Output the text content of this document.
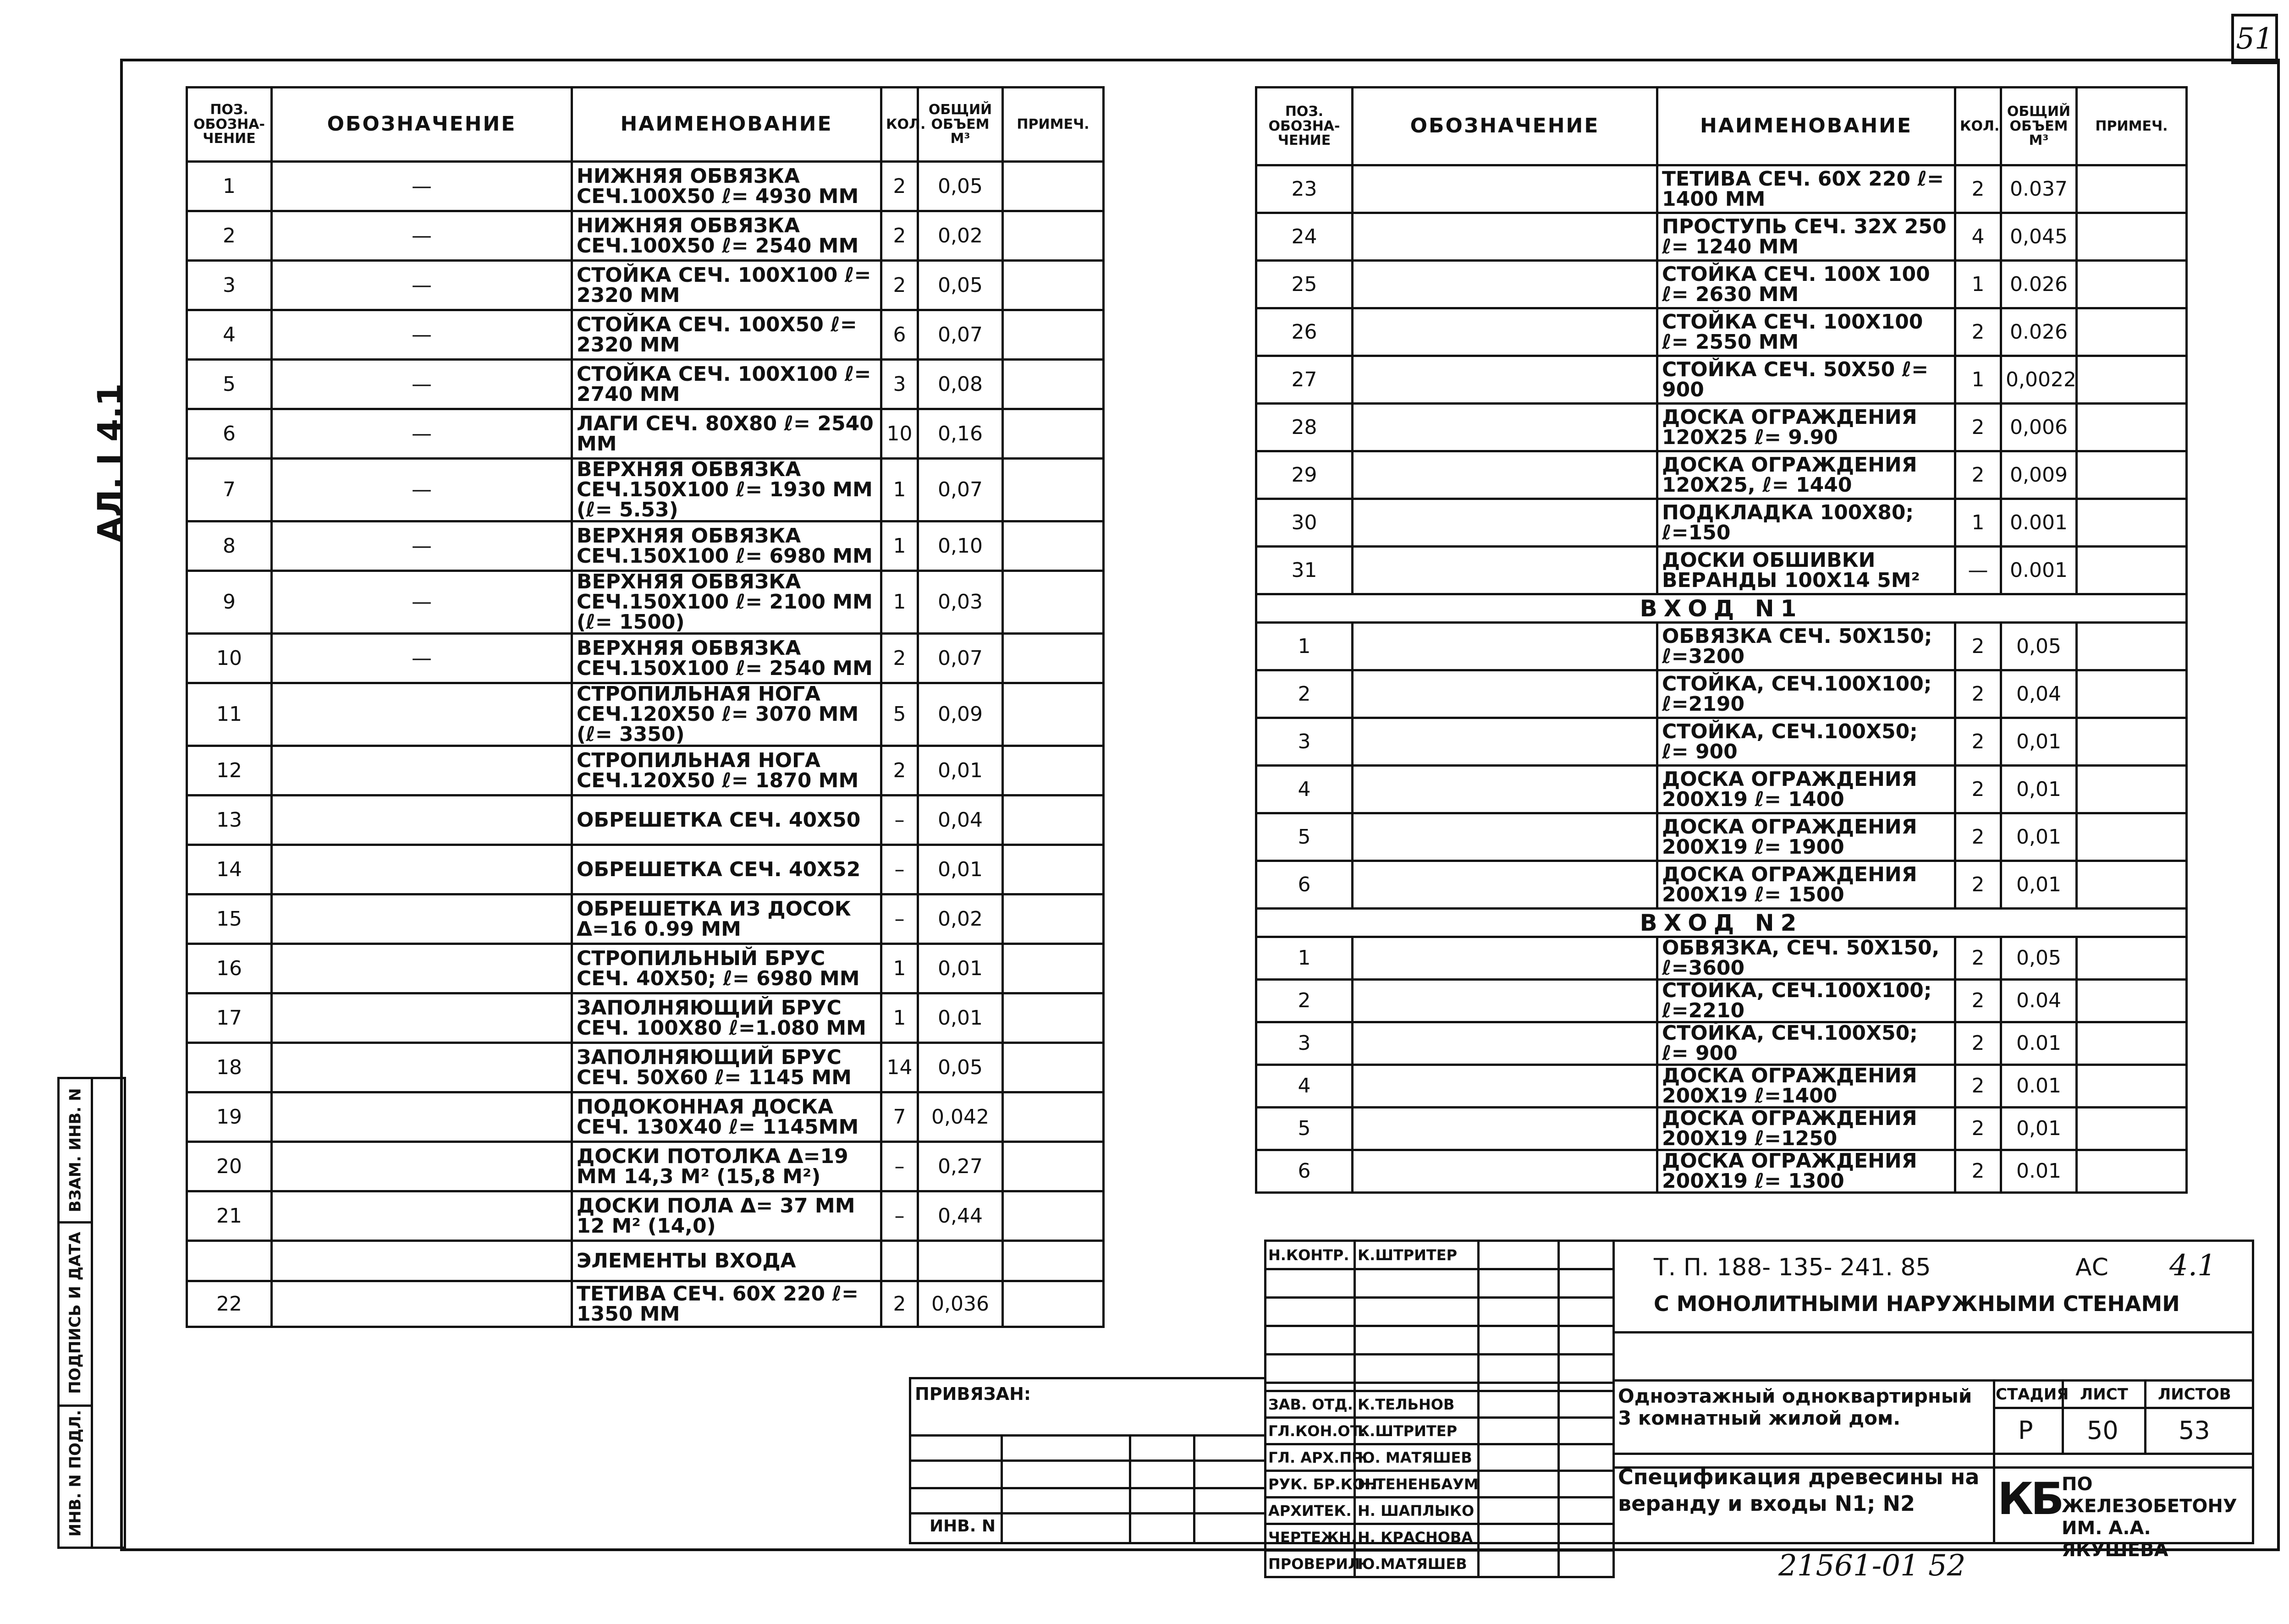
51
АЛ. I 4.1
ВЗАМ. ИНВ. N
ПОДПИСЬ И ДАТА
ИНВ. N ПОДЛ.
ПОЗ. ОБОЗНА- ЧЕНИЕ	ОБОЗНАЧЕНИЕ	НАИМЕНОВАНИЕ	КОЛ.	ОБЩИЙ ОБЪЕМ М³	ПРИМЕЧ.
1	—	НИЖНЯЯ ОБВЯЗКА СЕЧ.100X50 ℓ= 4930 ММ	2	0,05	
2	—	НИЖНЯЯ ОБВЯЗКА СЕЧ.100X50 ℓ= 2540 ММ	2	0,02	
3	—	СТОЙКА СЕЧ. 100X100 ℓ= 2320 ММ	2	0,05	
4	—	СТОЙКА СЕЧ. 100X50 ℓ= 2320 ММ	6	0,07	
5	—	СТОЙКА СЕЧ. 100X100 ℓ= 2740 ММ	3	0,08	
6	—	ЛАГИ СЕЧ. 80X80 ℓ= 2540 ММ	10	0,16	
7	—	ВЕРХНЯЯ ОБВЯЗКА СЕЧ.150X100 ℓ= 1930 ММ (ℓ= 5.53)	1	0,07	
8	—	ВЕРХНЯЯ ОБВЯЗКА СЕЧ.150X100 ℓ= 6980 ММ	1	0,10	
9	—	ВЕРХНЯЯ ОБВЯЗКА СЕЧ.150X100 ℓ= 2100 ММ (ℓ= 1500)	1	0,03	
10	—	ВЕРХНЯЯ ОБВЯЗКА СЕЧ.150X100 ℓ= 2540 ММ	2	0,07	
11		СТРОПИЛЬНАЯ НОГА СЕЧ.120X50 ℓ= 3070 ММ (ℓ= 3350)	5	0,09	
12		СТРОПИЛЬНАЯ НОГА СЕЧ.120X50 ℓ= 1870 ММ	2	0,01	
13		ОБРЕШЕТКА СЕЧ. 40X50	–	0,04	
14		ОБРЕШЕТКА СЕЧ. 40X52	–	0,01	
15		ОБРЕШЕТКА ИЗ ДОСОК Δ=16 0.99 ММ	–	0,02	
16		СТРОПИЛЬНЫЙ БРУС СЕЧ. 40X50; ℓ= 6980 ММ	1	0,01	
17		ЗАПОЛНЯЮЩИЙ БРУС СЕЧ. 100X80 ℓ=1.080 ММ	1	0,01	
18		ЗАПОЛНЯЮЩИЙ БРУС СЕЧ. 50X60 ℓ= 1145 ММ	14	0,05	
19		ПОДОКОННАЯ ДОСКА СЕЧ. 130X40 ℓ= 1145ММ	7	0,042	
20		ДОСКИ ПОТОЛКА Δ=19 ММ 14,3 М² (15,8 М²)	–	0,27	
21		ДОСКИ ПОЛА Δ= 37 ММ 12 М² (14,0)	–	0,44	
		ЭЛЕМЕНТЫ ВХОДА			
22		ТЕТИВА СЕЧ. 60X 220 ℓ= 1350 ММ	2	0,036	
ПОЗ. ОБОЗНА- ЧЕНИЕ	ОБОЗНАЧЕНИЕ	НАИМЕНОВАНИЕ	КОЛ.	ОБЩИЙ ОБЪЕМ М³	ПРИМЕЧ.
23		ТЕТИВА СЕЧ. 60X 220 ℓ= 1400 ММ	2	0.037	
24		ПРОСТУПЬ СЕЧ. 32X 250 ℓ= 1240 ММ	4	0,045	
25		СТОЙКА СЕЧ. 100X 100 ℓ= 2630 ММ	1	0.026	
26		СТОЙКА СЕЧ. 100X100 ℓ= 2550 ММ	2	0.026	
27		СТОЙКА СЕЧ. 50X50 ℓ= 900	1	0,0022	
28		ДОСКА ОГРАЖДЕНИЯ 120X25 ℓ= 9.90	2	0,006	
29		ДОСКА ОГРАЖДЕНИЯ 120X25, ℓ= 1440	2	0,009	
30		ПОДКЛАДКА 100X80; ℓ=150	1	0.001	
31		ДОСКИ ОБШИВКИ ВЕРАНДЫ 100X14 5М²	—	0.001	
ВХОД N1					
1		ОБВЯЗКА СЕЧ. 50X150; ℓ=3200	2	0,05	
2		СТОЙКА, СЕЧ.100X100; ℓ=2190	2	0,04	
3		СТОЙКА, СЕЧ.100X50; ℓ= 900	2	0,01	
4		ДОСКА ОГРАЖДЕНИЯ 200X19 ℓ= 1400	2	0,01	
5		ДОСКА ОГРАЖДЕНИЯ 200X19 ℓ= 1900	2	0,01	
6		ДОСКА ОГРАЖДЕНИЯ 200X19 ℓ= 1500	2	0,01	
ВХОД N2					
1		ОБВЯЗКА, СЕЧ. 50X150, ℓ=3600	2	0,05	
2		СТОЙКА, СЕЧ.100X100; ℓ=2210	2	0.04	
3		СТОЙКА, СЕЧ.100X50; ℓ= 900	2	0.01	
4		ДОСКА ОГРАЖДЕНИЯ 200X19 ℓ=1400	2	0.01	
5		ДОСКА ОГРАЖДЕНИЯ 200X19 ℓ=1250	2	0,01	
6		ДОСКА ОГРАЖДЕНИЯ 200X19 ℓ= 1300	2	0.01	
ПРИВЯЗАН:
ИНВ. N
Н.КОНТР.	К.ШТРИТЕР		

ЗАВ. ОТД.	К.ТЕЛЬНОВ		
ГЛ.КОН.ОТ.	К.ШТРИТЕР		
ГЛ. АРХ.ПР.	Ю. МАТЯШЕВ		
РУК. БР.КОН.	Н.ТЕНЕНБАУМ		
АРХИТЕК.	Н. ШАПЛЫКО		
ЧЕРТЕЖН.	Н. КРАСНОВА		
ПРОВЕРИЛ	Ю.МАТЯШЕВ		
Т. П. 188- 135- 241. 85	АС 4.1
С МОНОЛИТНЫМИ НАРУЖНЫМИ СТЕНАМИ
Одноэтажный одноквартирный 3 комнатный жилой дом.
Спецификация древесины на веранду и входы N1; N2
СТАДИЯ ЛИСТ ЛИСТОВ
Р 50 53
КБ ПО ЖЕЛЕЗОБЕТОНУ ИМ. А.А. ЯКУШЕВА
21561-01 52
